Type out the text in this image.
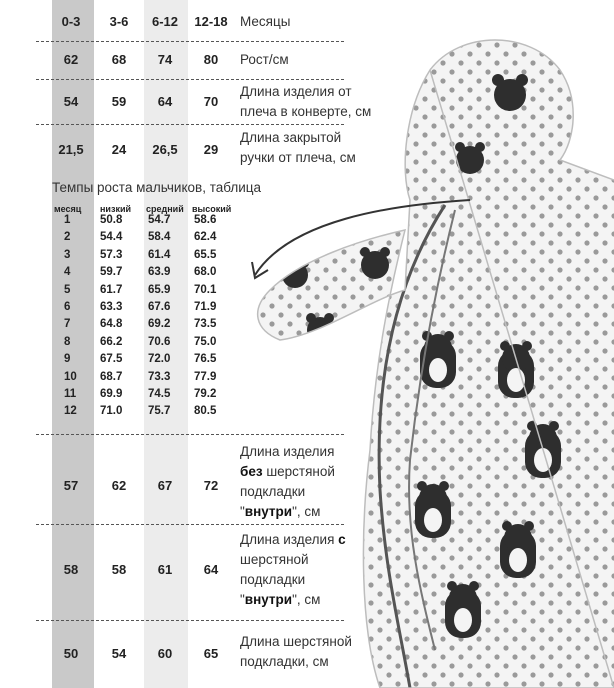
0-3	3-6	6-12	12-18 Месяцы
62	68	74	80	Рост/см
54	59	64	70
Длина изделия от
плеча в конверте, см
21,5	24	26,5	29
Длина закрытой
ручки от плеча, см
Темпы роста мальчиков, таблица
месяц низкий средний высокий
1	50.8 54.7 58.6
2	54.4 58.4 62.4
3	57.3 61.4 65.5
4	59.7 63.9 68.0
5	61.7 65.9 70.1
6	63.3 67.6 71.9
7	64.8 69.2 73.5
8	66.2 70.6 75.0
9	67.5 72.0 76.5
10 68.7 73.3 77.9
11 69.9 74.5 79.2
12 71.0 75.7 80.5
57	62	67	72
Длина изделия
без шерстяной
подкладки
"внутри", см
58	58	61	64
Длина изделия с
шерстяной
подкладки
"внутри", см
50	54	60	65
Длина шерстяной
подкладки, см
